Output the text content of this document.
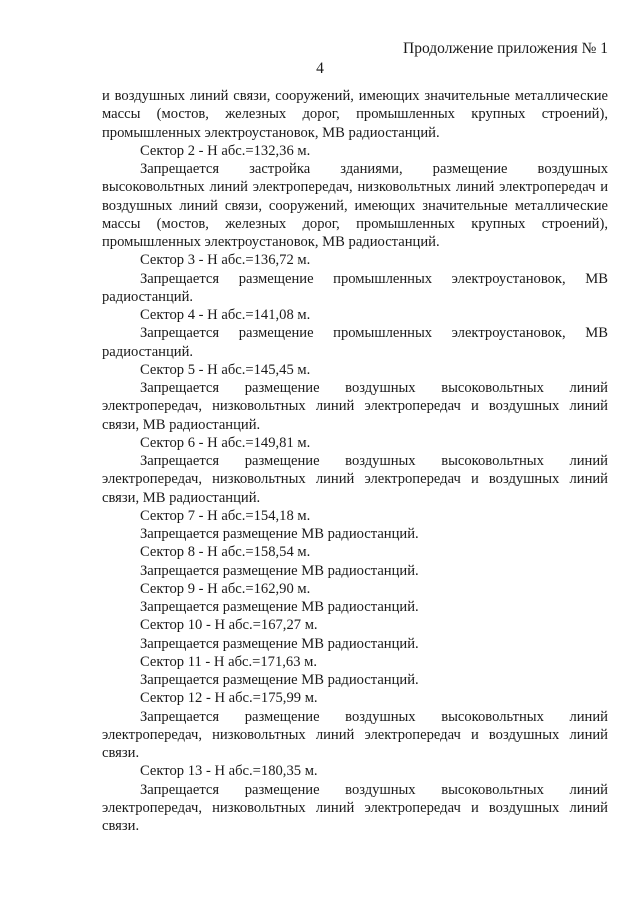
Продолжение приложения № 1
4

и воздушных линий связи, сооружений, имеющих значительные металлические массы (мостов, железных дорог, промышленных крупных строений), промышленных электроустановок, МВ радиостанций.

Сектор 2 - Н абс.=132,36 м.

Запрещается застройка зданиями, размещение воздушных высоковольтных линий электропередач, низковольтных линий электропередач и воздушных линий связи, сооружений, имеющих значительные металлические массы (мостов, железных дорог, промышленных крупных строений), промышленных электроустановок, МВ радиостанций.

Сектор 3 - Н абс.=136,72 м.

Запрещается размещение промышленных электроустановок, МВ радиостанций.

Сектор 4 - Н абс.=141,08 м.

Запрещается размещение промышленных электроустановок, МВ радиостанций.

Сектор 5 - Н абс.=145,45 м.

Запрещается размещение воздушных высоковольтных линий электропередач, низковольтных линий электропередач и воздушных линий связи, МВ радиостанций.

Сектор 6 - Н абс.=149,81 м.

Запрещается размещение воздушных высоковольтных линий электропередач, низковольтных линий электропередач и воздушных линий связи, МВ радиостанций.

Сектор 7 - Н абс.=154,18 м.

Запрещается размещение МВ радиостанций.

Сектор 8 - Н абс.=158,54 м.

Запрещается размещение МВ радиостанций.

Сектор 9 - Н абс.=162,90 м.

Запрещается размещение МВ радиостанций.

Сектор 10 - Н абс.=167,27 м.

Запрещается размещение МВ радиостанций.

Сектор 11 - Н абс.=171,63 м.

Запрещается размещение МВ радиостанций.

Сектор 12 - Н абс.=175,99 м.

Запрещается размещение воздушных высоковольтных линий электропередач, низковольтных линий электропередач и воздушных линий связи.

Сектор 13 - Н абс.=180,35 м.

Запрещается размещение воздушных высоковольтных линий электропередач, низковольтных линий электропередач и воздушных линий связи.
